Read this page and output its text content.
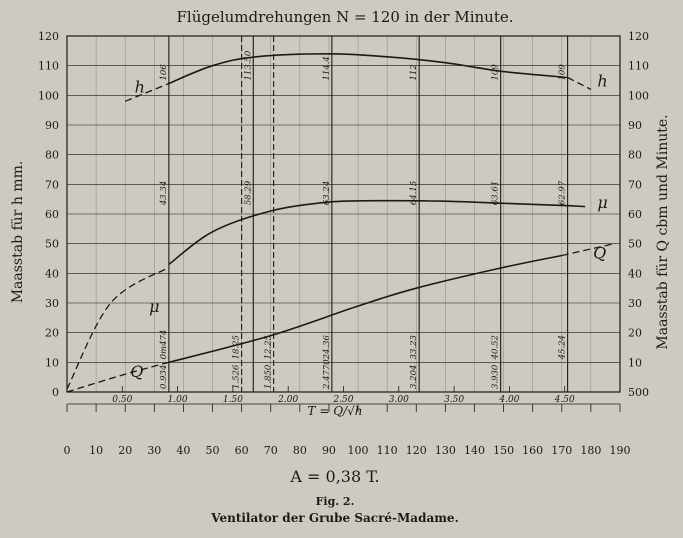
Flügelumdrehungen N = 120 in der Minute.
Maasstab für h mm.	Maasstab für Q cbm und Minute.
T = Q/√h
A = 0,38 T.
Fig. 2.
Ventilator der Grube Sacré-Madame.
0	500
10	10
20	20
30	30
40	40
50	50
60	60
70	70
80	80
90	90
100	100
110	110
120	120
0 10 20 30 40 50 60 70 80 90 100 110 120 130 140 150 160 170 180 190
0.50	1.00	1.50	2.00	2.50	3.00	3.50	4.00	4.50
106
43.34
0m474
0.934
18.25
1.526
113.50
58.29
12.25
1.850
114.4
63.24
24.36
2.4770
112
64.15
33.23
3.204
109
63.61
40.52
3.930
109
62.97
45.24
h	h
μ
μ
Q
Q
